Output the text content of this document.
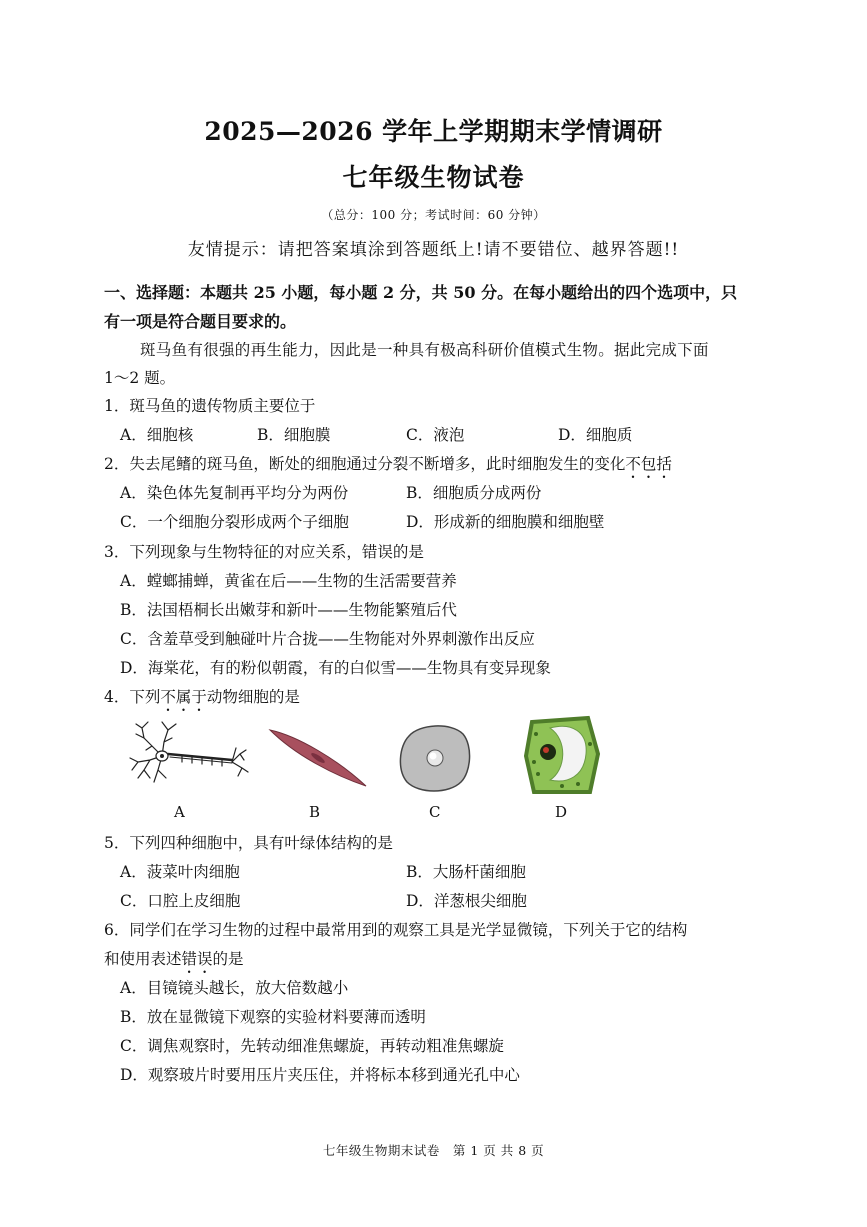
2025—2026 学年上学期期末学情调研
七年级生物试卷
（总分：100 分；考试时间：60 分钟）
友情提示：请把答案填涂到答题纸上!请不要错位、越界答题!!
一、选择题：本题共 25 小题，每小题 2 分，共 50 分。在每小题给出的四个选项中，只
有一项是符合题目要求的。
斑马鱼有很强的再生能力，因此是一种具有极高科研价值模式生物。据此完成下面
1～2 题。
1．斑马鱼的遗传物质主要位于
A．细胞核	B．细胞膜	C．液泡	D．细胞质
2．失去尾鳍的斑马鱼，断处的细胞通过分裂不断增多，此时细胞发生的变化不包括
A．染色体先复制再平均分为两份	B．细胞质分成两份
C．一个细胞分裂形成两个子细胞	D．形成新的细胞膜和细胞壁
3．下列现象与生物特征的对应关系，错误的是
A．螳螂捕蝉，黄雀在后——生物的生活需要营养
B．法国梧桐长出嫩芽和新叶——生物能繁殖后代
C．含羞草受到触碰叶片合拢——生物能对外界刺激作出反应
D．海棠花，有的粉似朝霞，有的白似雪——生物具有变异现象
4．下列不属于动物细胞的是
A	B	C	D
5．下列四种细胞中，具有叶绿体结构的是
A．菠菜叶肉细胞	B．大肠杆菌细胞
C．口腔上皮细胞	D．洋葱根尖细胞
6．同学们在学习生物的过程中最常用到的观察工具是光学显微镜，下列关于它的结构
和使用表述错误的是
A．目镜镜头越长，放大倍数越小
B．放在显微镜下观察的实验材料要薄而透明
C．调焦观察时，先转动细准焦螺旋，再转动粗准焦螺旋
D．观察玻片时要用压片夹压住，并将标本移到通光孔中心
七年级生物期末试卷　第 1 页 共 8 页
